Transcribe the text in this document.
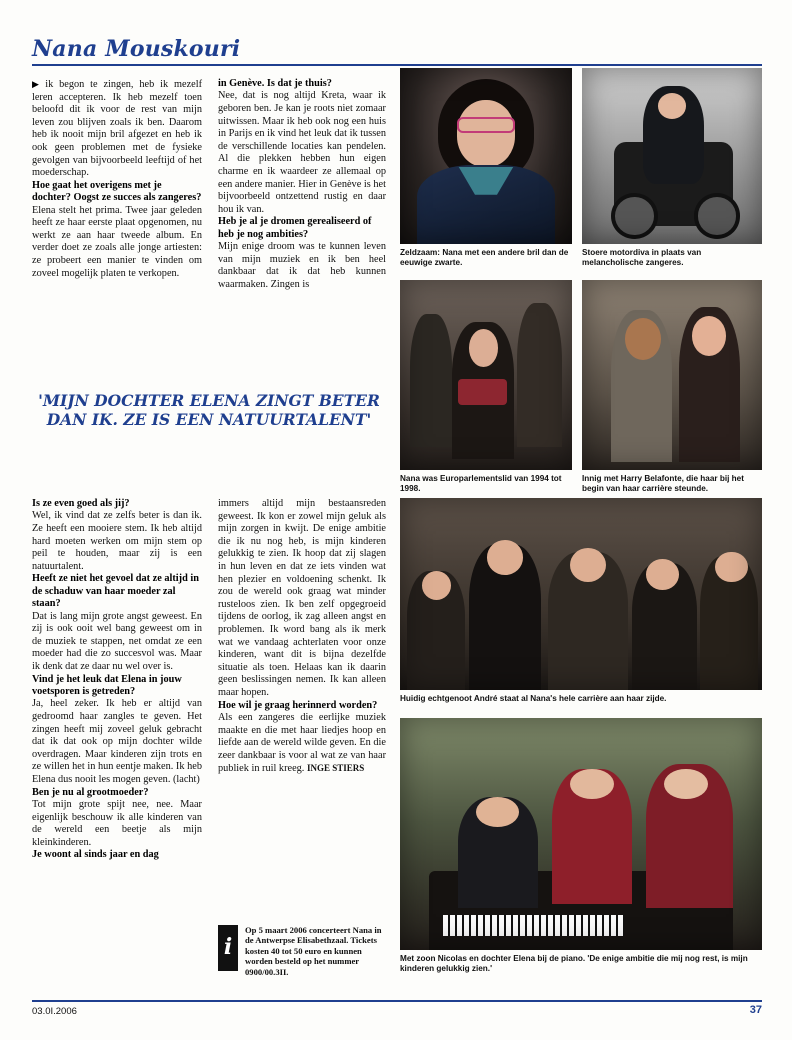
Nana Mouskouri

▶ ik begon te zingen, heb ik mezelf leren accepteren. Ik heb mezelf toen beloofd dit ik voor de rest van mijn leven zou blijven zoals ik ben. Daarom heb ik nooit mijn bril afgezet en heb ik ook geen problemen met de fysieke gevolgen van bijvoorbeeld leeftijd of het moederschap.

Hoe gaat het overigens met je dochter? Oogst ze succes als zangeres?

Elena stelt het prima. Twee jaar geleden heeft ze haar eerste plaat opgenomen, nu werkt ze aan haar tweede album. En verder doet ze zoals alle jonge artiesten: ze probeert een manier te vinden om zoveel mogelijk platen te verkopen.

in Genève. Is dat je thuis?

Nee, dat is nog altijd Kreta, waar ik geboren ben. Je kan je roots niet zomaar uitwissen. Maar ik heb ook nog een huis in Parijs en ik vind het leuk dat ik tussen de verschillende locaties kan pendelen. Al die plekken hebben hun eigen charme en ik waardeer ze allemaal op een andere manier. Hier in Genève is het bijvoorbeeld ontzettend rustig en daar hou ik van.

Heb je al je dromen gerealiseerd of heb je nog ambities?

Mijn enige droom was te kunnen leven van mijn muziek en ik ben heel dankbaar dat ik dat heb kunnen waarmaken. Zingen is

'MIJN DOCHTER ELENA ZINGT BETER DAN IK. ZE IS EEN NATUURTALENT'

Is ze even goed als jij?

Wel, ik vind dat ze zelfs beter is dan ik. Ze heeft een mooiere stem. Ik heb altijd hard moeten werken om mijn stem op peil te houden, maar zij is een natuurtalent.

Heeft ze niet het gevoel dat ze altijd in de schaduw van haar moeder zal staan?

Dat is lang mijn grote angst geweest. En zij is ook ooit wel bang geweest om in de muziek te stappen, net omdat ze een moeder had die zo succesvol was. Maar ik denk dat ze daar nu wel over is.

Vind je het leuk dat Elena in jouw voetsporen is getreden?

Ja, heel zeker. Ik heb er altijd van gedroomd haar zangles te geven. Het zingen heeft mij zoveel geluk gebracht dat ik dat ook op mijn dochter wilde overdragen. Maar kinderen zijn trots en ze willen het in hun eentje maken. Ik heb Elena dus nooit les mogen geven. (lacht)

Ben je nu al grootmoeder?

Tot mijn grote spijt nee, nee. Maar eigenlijk beschouw ik alle kinderen van de wereld een beetje als mijn kleinkinderen.

Je woont al sinds jaar en dag

immers altijd mijn bestaansreden geweest. Ik kon er zowel mijn geluk als mijn zorgen in kwijt. De enige ambitie die ik nu nog heb, is mijn kinderen gelukkig te zien. Ik hoop dat zij slagen in hun leven en dat ze iets vinden wat hen plezier en voldoening schenkt. Ik zou de wereld ook graag wat minder rusteloos zien. Ik ben zelf opgegroeid tijdens de oorlog, ik zag alleen angst en problemen. Ik word bang als ik merk wat we vandaag achterlaten voor onze kinderen, want dit is bijna dezelfde situatie als toen. Helaas kan ik daarin geen beslissingen nemen. Ik kan alleen maar hopen.

Hoe wil je graag herinnerd worden?

Als een zangeres die eerlijke muziek maakte en die met haar liedjes hoop en liefde aan de wereld wilde geven. En die zeer dankbaar is voor al wat ze van haar publiek in ruil kreeg. INGE STIERS
i
Op 5 maart 2006 concerteert Nana in de Antwerpse Elisabethzaal. Tickets kosten 40 tot 50 euro en kunnen worden besteld op het nummer 0900/00.3II.
Zeldzaam: Nana met een andere bril dan de eeuwige zwarte.
Stoere motordiva in plaats van melancholische zangeres.
Nana was Europarlementslid van 1994 tot 1998.
Innig met Harry Belafonte, die haar bij het begin van haar carrière steunde.
Huidig echtgenoot André staat al Nana's hele carrière aan haar zijde.
Met zoon Nicolas en dochter Elena bij de piano. 'De enige ambitie die mij nog rest, is mijn kinderen gelukkig zien.'
03.0I.2006	37
